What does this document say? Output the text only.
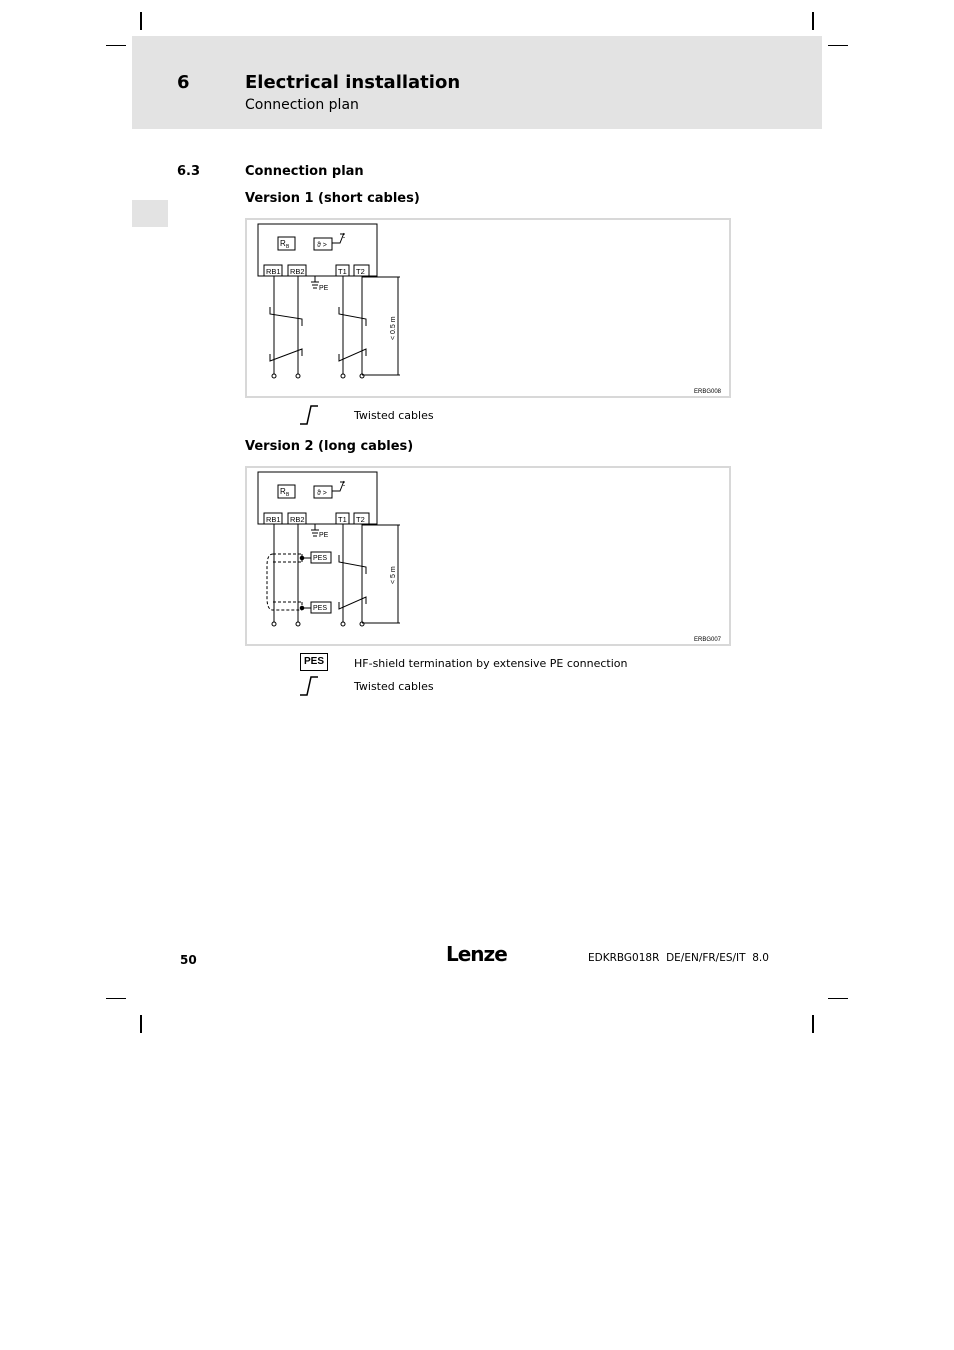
6	Electrical installation
Connection plan
6.3	Connection plan
Version 1 (short cables)
R B	ϑ >
RB1 RB2	T1 T2
PE
< 0.5 m
ERBG008
Twisted cables
Version 2 (long cables)
R B	ϑ >
RB1 RB2	T1 T2
PE
PES
PES
< 5 m
ERBG007
PES	HF-shield termination by extensive PE connection
Twisted cables
50	Lenze	EDKRBG018R  DE/EN/FR/ES/IT  8.0
